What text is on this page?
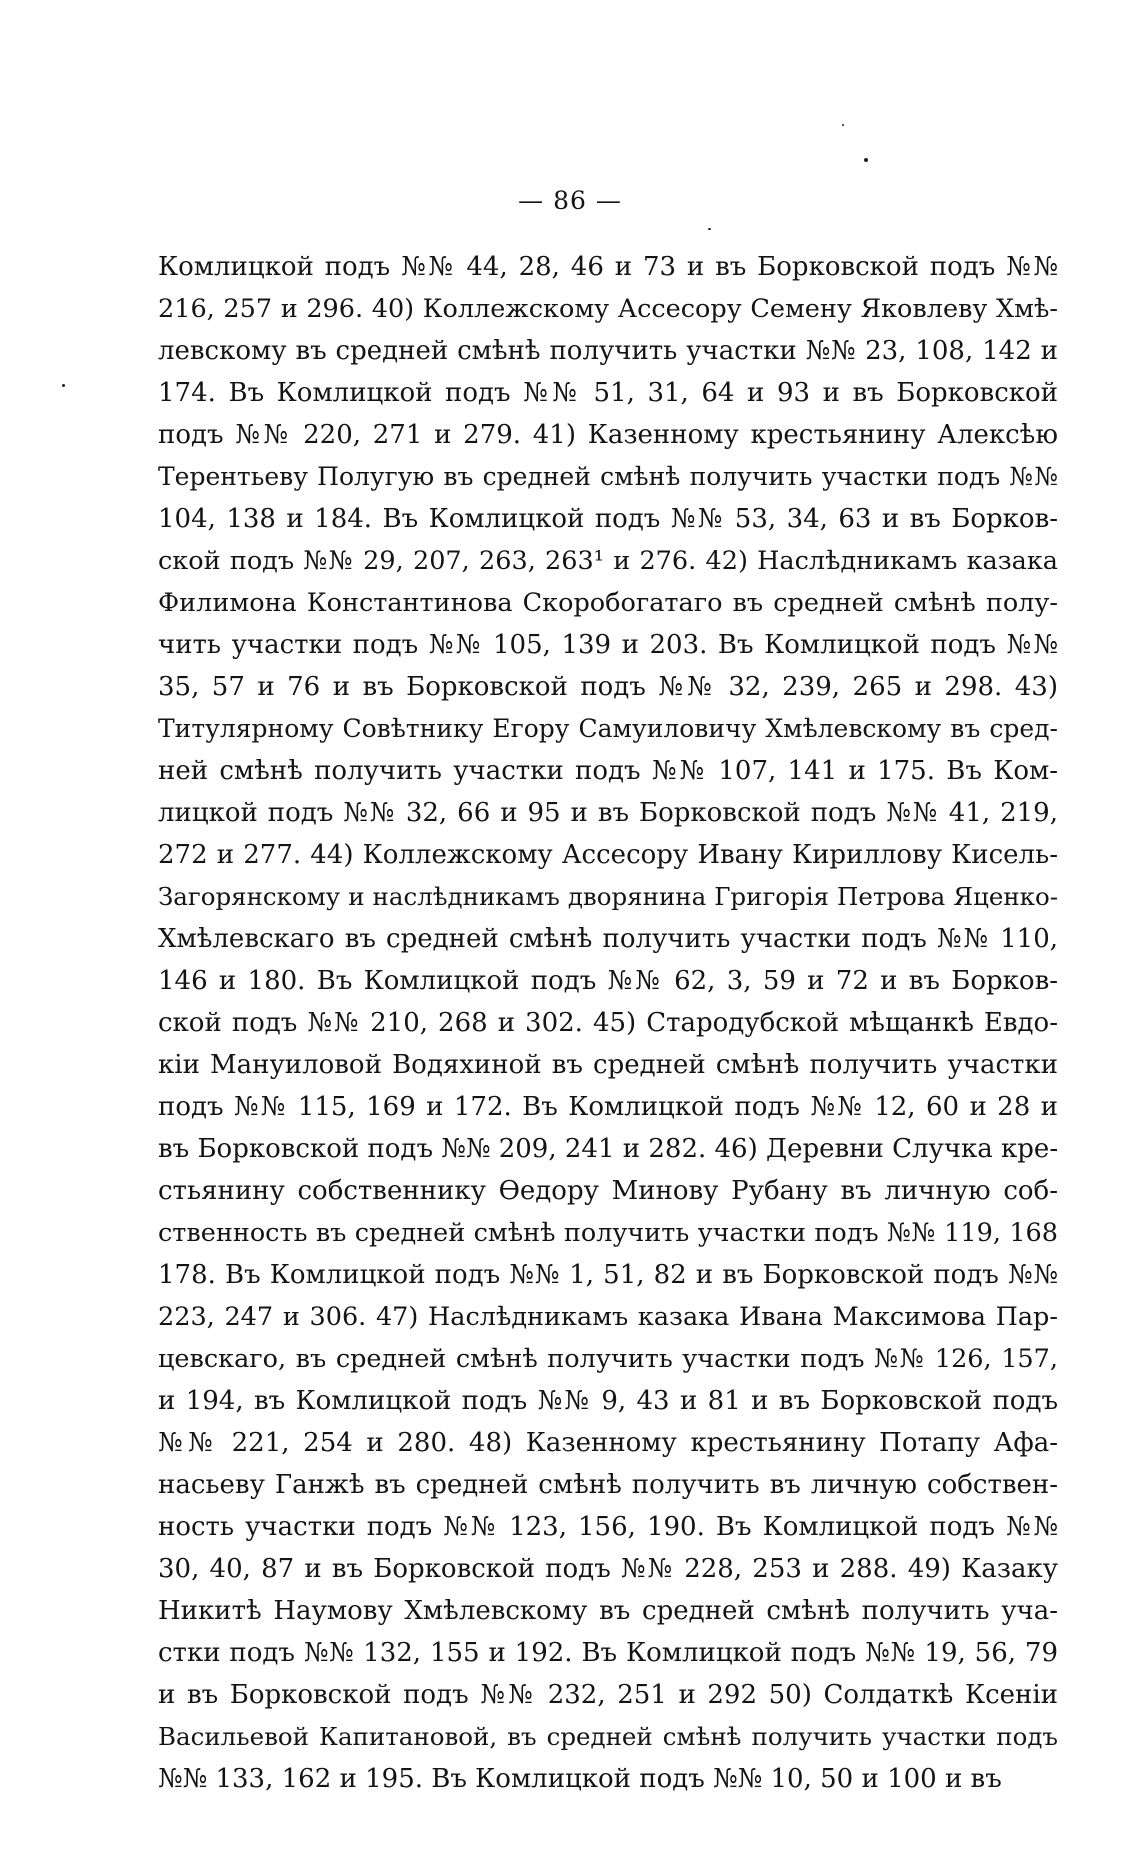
— 86 —
Комлицкой подъ №№ 44, 28, 46 и 73 и въ Борковской подъ №№
216, 257 и 296. 40) Коллежскому Ассесору Семену Яковлеву Хмѣ-
левскому въ средней смѣнѣ получить участки №№ 23, 108, 142 и
174. Въ Комлицкой подъ №№ 51, 31, 64 и 93 и въ Борковской
подъ №№ 220, 271 и 279. 41) Казенному крестьянину Алексѣю
Терентьеву Полугую въ средней смѣнѣ получить участки подъ №№
104, 138 и 184. Въ Комлицкой подъ №№ 53, 34, 63 и въ Борков-
ской подъ №№ 29, 207, 263, 263¹ и 276. 42) Наслѣдникамъ казака
Филимона Константинова Скоробогатаго въ средней смѣнѣ полу-
чить участки подъ №№ 105, 139 и 203. Въ Комлицкой подъ №№
35, 57 и 76 и въ Борковской подъ №№ 32, 239, 265 и 298. 43)
Титулярному Совѣтнику Егору Самуиловичу Хмѣлевскому въ сред-
ней смѣнѣ получить участки подъ №№ 107, 141 и 175. Въ Ком-
лицкой подъ №№ 32, 66 и 95 и въ Борковской подъ №№ 41, 219,
272 и 277. 44) Коллежскому Ассесору Ивану Кириллову Кисель-
Загорянскому и наслѣдникамъ дворянина Григорія Петрова Яценко-
Хмѣлевскаго въ средней смѣнѣ получить участки подъ №№ 110,
146 и 180. Въ Комлицкой подъ №№ 62, 3, 59 и 72 и въ Борков-
ской подъ №№ 210, 268 и 302. 45) Стародубской мѣщанкѣ Евдо-
кіи Мануиловой Водяхиной въ средней смѣнѣ получить участки
подъ №№ 115, 169 и 172. Въ Комлицкой подъ №№ 12, 60 и 28 и
въ Борковской подъ №№ 209, 241 и 282. 46) Деревни Случка кре-
стьянину собственнику Ѳедору Минову Рубану въ личную соб-
ственность въ средней смѣнѣ получить участки подъ №№ 119, 168
178. Въ Комлицкой подъ №№ 1, 51, 82 и въ Борковской подъ №№
223, 247 и 306. 47) Наслѣдникамъ казака Ивана Максимова Пар-
цевскаго, въ средней смѣнѣ получить участки подъ №№ 126, 157,
и 194, въ Комлицкой подъ №№ 9, 43 и 81 и въ Борковской подъ
№№ 221, 254 и 280. 48) Казенному крестьянину Потапу Афа-
насьеву Ганжѣ въ средней смѣнѣ получить въ личную собствен-
ность участки подъ №№ 123, 156, 190. Въ Комлицкой подъ №№
30, 40, 87 и въ Борковской подъ №№ 228, 253 и 288. 49) Казаку
Никитѣ Наумову Хмѣлевскому въ средней смѣнѣ получить уча-
стки подъ №№ 132, 155 и 192. Въ Комлицкой подъ №№ 19, 56, 79
и въ Борковской подъ №№ 232, 251 и 292 50) Солдаткѣ Ксеніи
Васильевой Капитановой, въ средней смѣнѣ получить участки подъ
№№ 133, 162 и 195. Въ Комлицкой подъ №№ 10, 50 и 100 и въ
